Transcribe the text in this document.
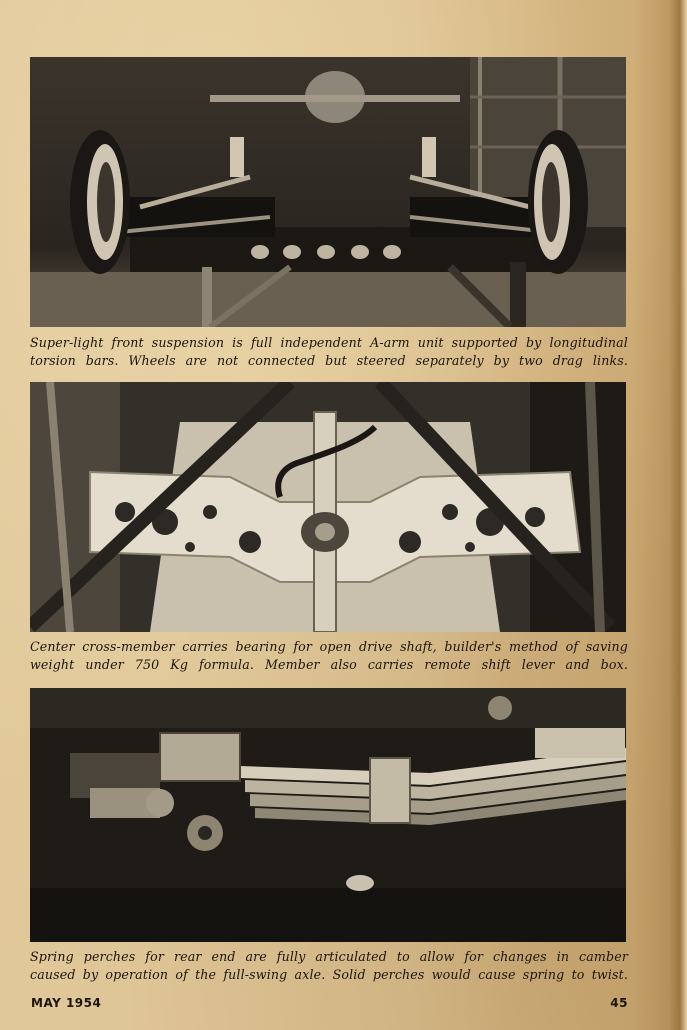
Super-light front suspension is full independent A-arm unit supported by longitudinal
torsion bars. Wheels are not connected but steered separately by two drag links.
Center cross-member carries bearing for open drive shaft, builder's method of saving
weight under 750 Kg formula. Member also carries remote shift lever and box.
Spring perches for rear end are fully articulated to allow for changes in camber
caused by operation of the full-swing axle. Solid perches would cause spring to twist.
MAY 1954	45
